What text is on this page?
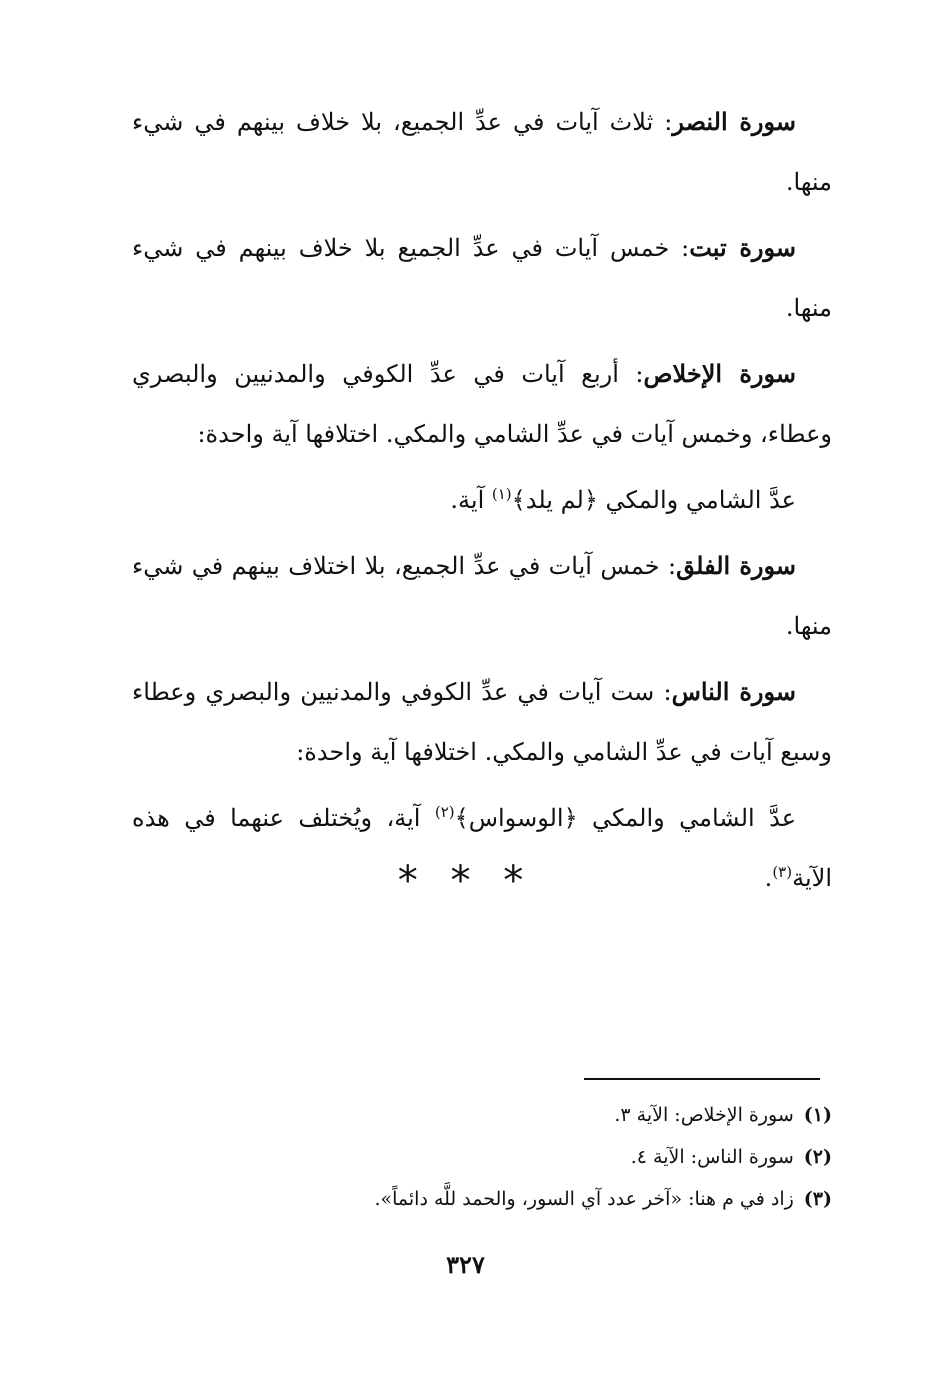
سورة النصر: ثلاث آيات في عدِّ الجميع، بلا خلاف بينهم في شيء منها.

سورة تبت: خمس آيات في عدِّ الجميع بلا خلاف بينهم في شيء منها.

سورة الإخلاص: أربع آيات في عدِّ الكوفي والمدنيين والبصري وعطاء، وخمس آيات في عدِّ الشامي والمكي. اختلافها آية واحدة:

عدَّ الشامي والمكي ﴿لم يلد﴾$^{(١)}$ آية.

سورة الفلق: خمس آيات في عدِّ الجميع، بلا اختلاف بينهم في شيء منها.

سورة الناس: ست آيات في عدِّ الكوفي والمدنيين والبصري وعطاء وسبع آيات في عدِّ الشامي والمكي. اختلافها آية واحدة:

عدَّ الشامي والمكي ﴿الوسواس﴾$^{(٢)}$ آية، ويُختلف عنهما في هذه الآية$^{(٣)}$.

* * *

(١)سورة الإخلاص: الآية ٣.

(٢)سورة الناس: الآية ٤.

(٣)زاد في م هنا: «آخر عدد آي السور، والحمد للَّه دائماً».

٣٢٧
